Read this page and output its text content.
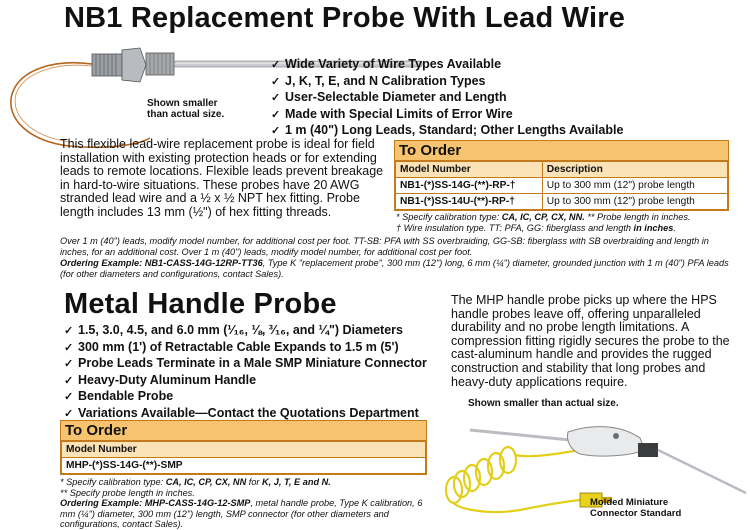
NB1 Replacement Probe With Lead Wire
Shown smaller
than actual size.
✓ Wide Variety of Wire Types Available
✓ J, K, T, E, and N Calibration Types
✓ User-Selectable Diameter and Length
✓ Made with Special Limits of Error Wire
✓ 1 m (40") Long Leads, Standard; Other Lengths Available
This flexible lead-wire replacement probe is ideal for field installation with existing protection heads or for extending leads to remote locations. Flexible leads prevent breakage in hard-to-wire situations. These probes have 20 AWG stranded lead wire and a ½ x ½ NPT hex fitting. Probe length includes 13 mm (½") of hex fitting threads.
To Order
Model Number	Description
NB1-(*)SS-14G-(**)-RP-†	Up to 300 mm (12") probe length
NB1-(*)SS-14U-(**)-RP-†	Up to 300 mm (12") probe length
* Specify calibration type: CA, IC, CP, CX, NN. ** Probe length in inches.
† Wire insulation type. TT: PFA, GG: fiberglass and length in inches.
Over 1 m (40") leads, modify model number, for additional cost per foot. TT-SB: PFA with SS overbraiding, GG-SB: fiberglass with SB overbraiding and length in inches, for an additional cost. Over 1 m (40") leads, modify model number, for additional cost per foot.
Ordering Example: NB1-CASS-14G-12RP-TT36, Type K "replacement probe", 300 mm (12") long, 6 mm (¼") diameter, grounded junction with 1 m (40") PFA leads (for other diameters and configurations, contact Sales).
Metal Handle Probe
✓ 1.5, 3.0, 4.5, and 6.0 mm (¹⁄₁₆, ⅛, ³⁄₁₆, and ¼") Diameters
✓ 300 mm (1') of Retractable Cable Expands to 1.5 m (5')
✓ Probe Leads Terminate in a Male SMP Miniature Connector
✓ Heavy-Duty Aluminum Handle
✓ Bendable Probe
✓ Variations Available—Contact the Quotations Department
The MHP handle probe picks up where the HPS handle probes leave off, offering unparalleled durability and no probe length limitations. A compression fitting rigidly secures the probe to the cast-aluminum handle and provides the rugged construction and stability that long probes and heavy-duty applications require.
Shown smaller than actual size.
Molded Miniature
Connector Standard
To Order
Model Number
MHP-(*)SS-14G-(**)-SMP
* Specify calibration type: CA, IC, CP, CX, NN for K, J, T, E and N.
** Specify probe length in inches.
Ordering Example: MHP-CASS-14G-12-SMP, metal handle probe, Type K calibration, 6 mm (¼") diameter, 300 mm (12") length, SMP connector (for other diameters and configurations, contact Sales).
